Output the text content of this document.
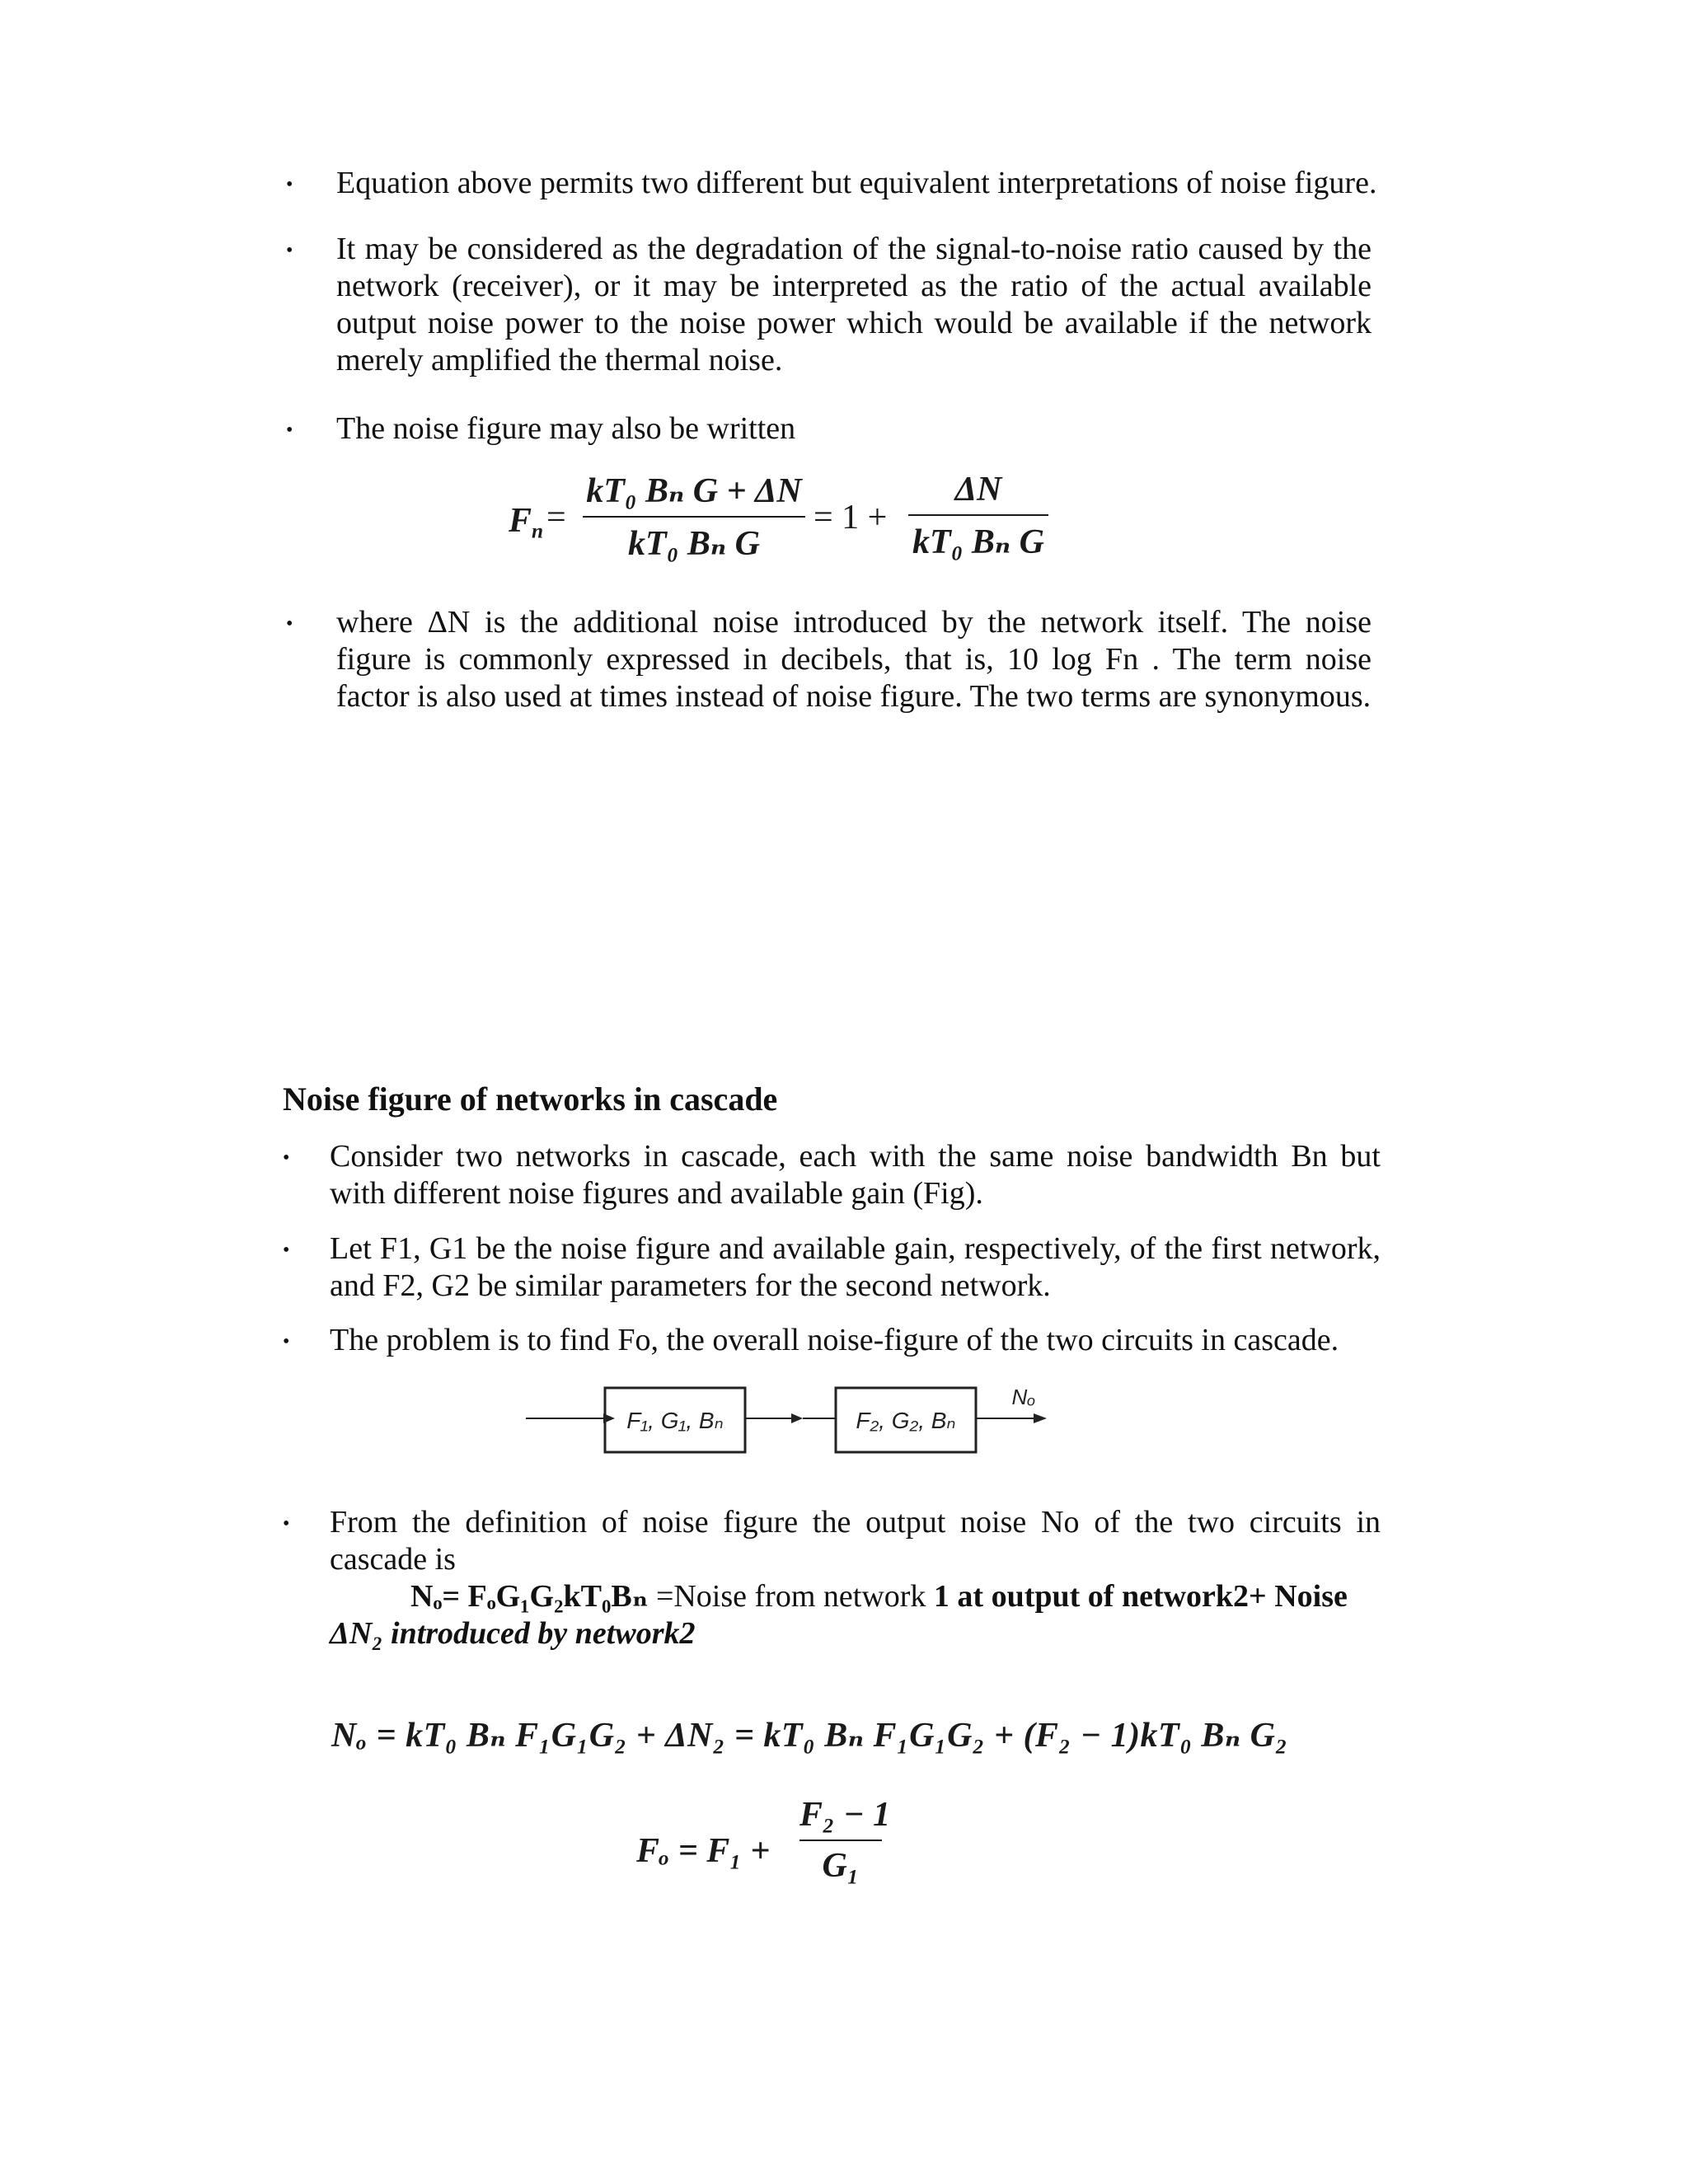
• Equation above permits two different but equivalent interpretations of noise figure.
• It may be considered as the degradation of the signal-to-noise ratio caused by the network (receiver), or it may be interpreted as the ratio of the actual available output noise power to the noise power which would be available if the network merely amplified the thermal noise.
• The noise figure may also be written
$F_n$ =
kT₀ Bₙ G + ΔN
kT₀ Bₙ G
= 1 +
ΔN
kT₀ Bₙ G
• where ΔN is the additional noise introduced by the network itself. The noise figure is commonly expressed in decibels, that is, 10 log Fn . The term noise factor is also used at times instead of noise figure. The two terms are synonymous.
Noise figure of networks in cascade
• Consider two networks in cascade, each with the same noise bandwidth Bn but with different noise figures and available gain (Fig).
• Let F1, G1 be the noise figure and available gain, respectively, of the first network, and F2, G2 be similar parameters for the second network.
• The problem is to find Fo, the overall noise-figure of the two circuits in cascade.
F₁, G₁, Bₙ	F₂, G₂, Bₙ
Nₒ
• From the definition of noise figure the output noise No of the two circuits in cascade is
Nₒ= FₒG₁G₂kT₀Bₙ =Noise from network 1 at output of network2+ Noise
ΔN₂ introduced by network2
Nₒ = kT₀ Bₙ F₁G₁G₂ + ΔN₂ = kT₀ Bₙ F₁G₁G₂ + (F₂ − 1)kT₀ Bₙ G₂
Fₒ = F₁ +
F₂ − 1
G₁
